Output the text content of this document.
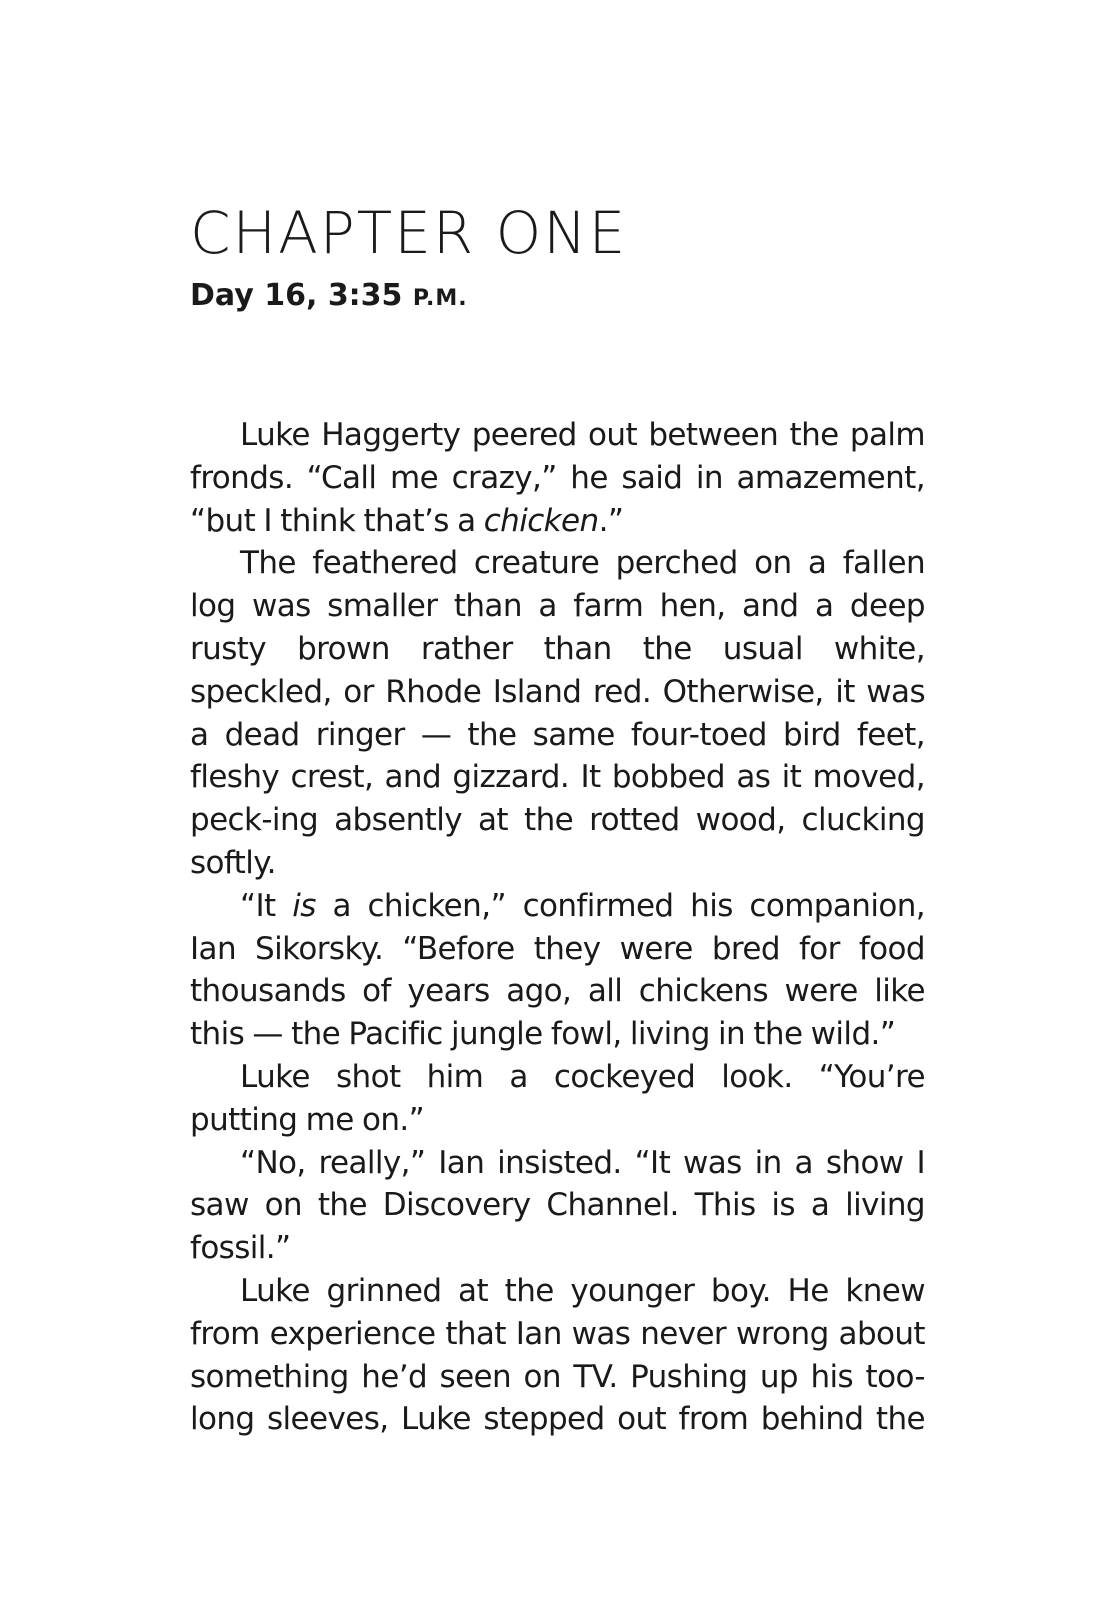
CHAPTER ONE
Day 16, 3:35 P.M.

Luke Haggerty peered out between the palm fronds. “Call me crazy,” he said in amazement, “but I think that’s a chicken.”

The feathered creature perched on a fallen log was smaller than a farm hen, and a deep rusty brown rather than the usual white, speckled, or Rhode Island red. Otherwise, it was a dead ringer — the same four-toed bird feet, fleshy crest, and gizzard. It bobbed as it moved, peck-ing absently at the rotted wood, clucking softly.

“It is a chicken,” confirmed his companion, Ian Sikorsky. “Before they were bred for food thousands of years ago, all chickens were like this — the Pacific jungle fowl, living in the wild.”

Luke shot him a cockeyed look. “You’re putting me on.”

“No, really,” Ian insisted. “It was in a show I saw on the Discovery Channel. This is a living fossil.”

Luke grinned at the younger boy. He knew from experience that Ian was never wrong about something he’d seen on TV. Pushing up his too-long sleeves, Luke stepped out from behind the
